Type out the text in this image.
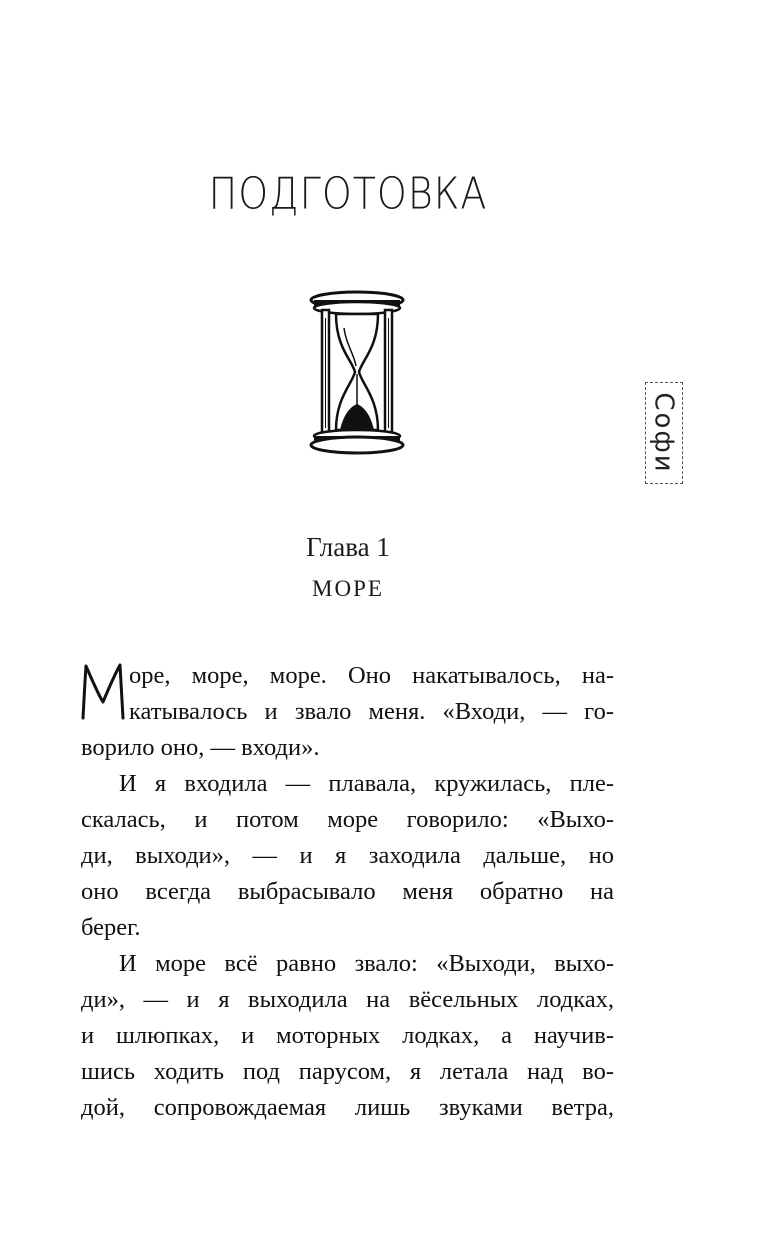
ПОДГОТОВКА
Софи
Глава 1
МОРЕ
оре, море, море. Оно накатывалось, на-
катывалось и звало меня. «Входи, — го-
ворило оно, — входи».
И я входила — плавала, кружилась, пле-
скалась, и потом море говорило: «Выхо-
ди, выходи», — и я заходила дальше, но
оно всегда выбрасывало меня обратно на
берег.
И море всё равно звало: «Выходи, выхо-
ди», — и я выходила на вёсельных лодках,
и шлюпках, и моторных лодках, а научив-
шись ходить под парусом, я летала над во-
дой, сопровождаемая лишь звуками ветра,
